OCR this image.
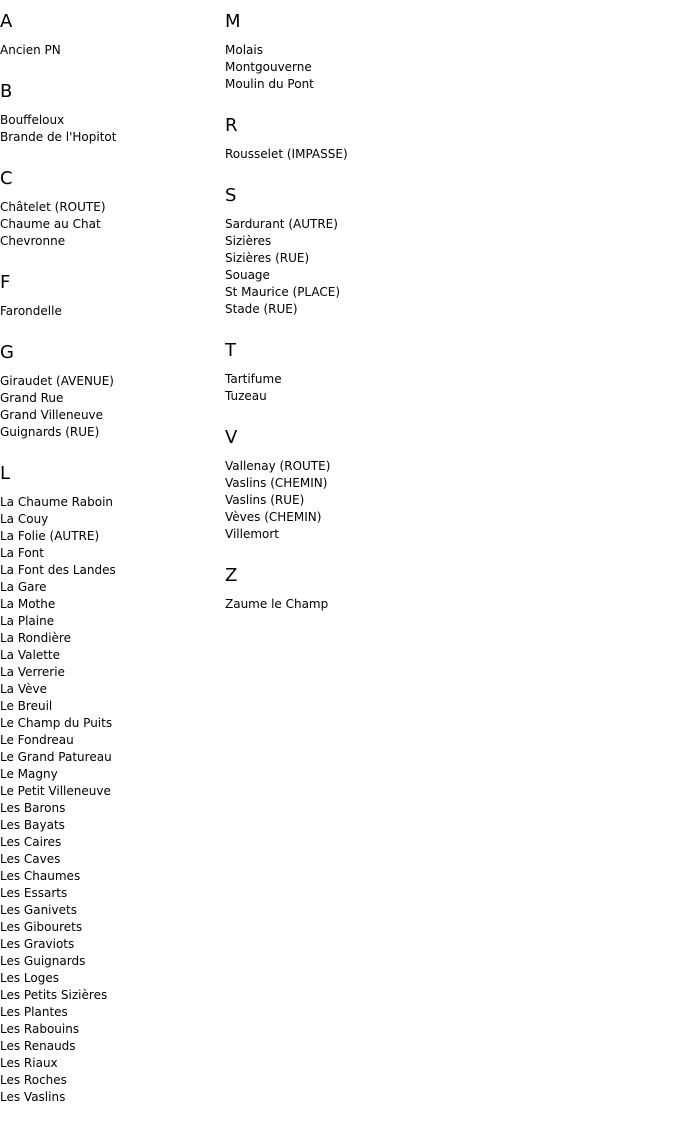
A
Ancien PN
B
Bouffeloux
Brande de l'Hopitot
C
Châtelet (ROUTE)
Chaume au Chat
Chevronne
F
Farondelle
G
Giraudet (AVENUE)
Grand Rue
Grand Villeneuve
Guignards (RUE)
L
La Chaume Raboin
La Couy
La Folie (AUTRE)
La Font
La Font des Landes
La Gare
La Mothe
La Plaine
La Rondière
La Valette
La Verrerie
La Vève
Le Breuil
Le Champ du Puits
Le Fondreau
Le Grand Patureau
Le Magny
Le Petit Villeneuve
Les Barons
Les Bayats
Les Caires
Les Caves
Les Chaumes
Les Essarts
Les Ganivets
Les Gibourets
Les Graviots
Les Guignards
Les Loges
Les Petits Sizières
Les Plantes
Les Rabouins
Les Renauds
Les Riaux
Les Roches
Les Vaslins
M
Molais
Montgouverne
Moulin du Pont
R
Rousselet (IMPASSE)
S
Sardurant (AUTRE)
Sizières
Sizières (RUE)
Souage
St Maurice (PLACE)
Stade (RUE)
T
Tartifume
Tuzeau
V
Vallenay (ROUTE)
Vaslins (CHEMIN)
Vaslins (RUE)
Vèves (CHEMIN)
Villemort
Z
Zaume le Champ
